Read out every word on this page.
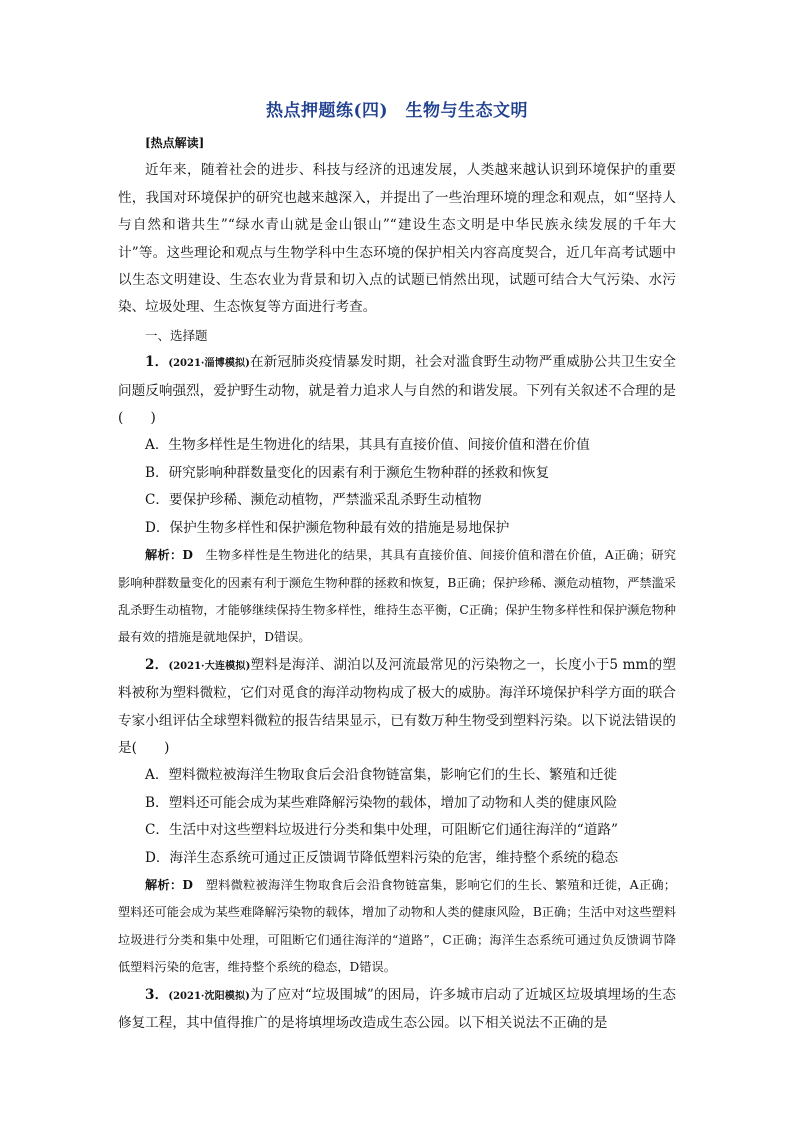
热点押题练(四)　生物与生态文明

[热点解读]

近年来，随着社会的进步、科技与经济的迅速发展，人类越来越认识到环境保护的重要性，我国对环境保护的研究也越来越深入，并提出了一些治理环境的理念和观点，如“坚持人与自然和谐共生”“绿水青山就是金山银山”“建设生态文明是中华民族永续发展的千年大计”等。这些理论和观点与生物学科中生态环境的保护相关内容高度契合，近几年高考试题中以生态文明建设、生态农业为背景和切入点的试题已悄然出现，试题可结合大气污染、水污染、垃圾处理、生态恢复等方面进行考查。

一、选择题

1．(2021·淄博模拟)在新冠肺炎疫情暴发时期，社会对滥食野生动物严重威胁公共卫生安全问题反响强烈，爱护野生动物，就是着力追求人与自然的和谐发展。下列有关叙述不合理的是(　　)

A．生物多样性是生物进化的结果，其具有直接价值、间接价值和潜在价值

B．研究影响种群数量变化的因素有利于濒危生物种群的拯救和恢复

C．要保护珍稀、濒危动植物，严禁滥采乱杀野生动植物

D．保护生物多样性和保护濒危物种最有效的措施是易地保护

解析：D　生物多样性是生物进化的结果，其具有直接价值、间接价值和潜在价值，A正确；研究影响种群数量变化的因素有利于濒危生物种群的拯救和恢复，B正确；保护珍稀、濒危动植物，严禁滥采乱杀野生动植物，才能够继续保持生物多样性，维持生态平衡，C正确；保护生物多样性和保护濒危物种最有效的措施是就地保护，D错误。

2．(2021·大连模拟)塑料是海洋、湖泊以及河流最常见的污染物之一，长度小于5 mm的塑料被称为塑料微粒，它们对觅食的海洋动物构成了极大的威胁。海洋环境保护科学方面的联合专家小组评估全球塑料微粒的报告结果显示，已有数万种生物受到塑料污染。以下说法错误的是(　　)

A．塑料微粒被海洋生物取食后会沿食物链富集，影响它们的生长、繁殖和迁徙

B．塑料还可能会成为某些难降解污染物的载体，增加了动物和人类的健康风险

C．生活中对这些塑料垃圾进行分类和集中处理，可阻断它们通往海洋的“道路”

D．海洋生态系统可通过正反馈调节降低塑料污染的危害，维持整个系统的稳态

解析：D　塑料微粒被海洋生物取食后会沿食物链富集，影响它们的生长、繁殖和迁徙，A正确；塑料还可能会成为某些难降解污染物的载体，增加了动物和人类的健康风险，B正确；生活中对这些塑料垃圾进行分类和集中处理，可阻断它们通往海洋的“道路”，C正确；海洋生态系统可通过负反馈调节降低塑料污染的危害，维持整个系统的稳态，D错误。

3．(2021·沈阳模拟)为了应对“垃圾围城”的困局，许多城市启动了近城区垃圾填埋场的生态修复工程，其中值得推广的是将填埋场改造成生态公园。以下相关说法不正确的是
